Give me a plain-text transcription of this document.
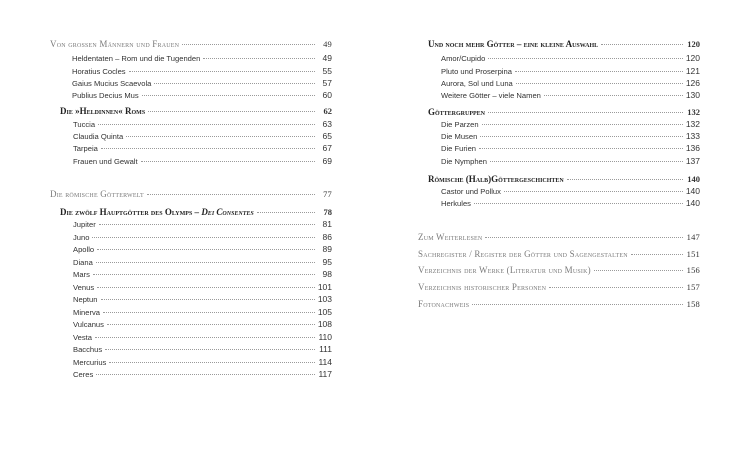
Von grossen Männern und Frauen	49
Heldentaten – Rom und die Tugenden	49
Horatius Cocles	55
Gaius Mucius Scaevola	57
Publius Decius Mus	60
Die »Heldinnen« Roms	62
Tuccia	63
Claudia Quinta	65
Tarpeia	67
Frauen und Gewalt	69
Die römische Götterwelt	77
Die zwölf Hauptgötter des Olymps – Dei Consentes	78
Jupiter	81
Juno	86
Apollo	89
Diana	95
Mars	98
Venus	101
Neptun	103
Minerva	105
Vulcanus	108
Vesta	110
Bacchus	111
Mercurius	114
Ceres	117
Und noch mehr Götter – eine kleine Auswahl	120
Amor/Cupido	120
Pluto und Proserpina	121
Aurora, Sol und Luna	126
Weitere Götter – viele Namen	130
Göttergruppen	132
Die Parzen	132
Die Musen	133
Die Furien	136
Die Nymphen	137
Römische (Halb)Göttergeschichten	140
Castor und Pollux	140
Herkules	140
Zum Weiterlesen	147
Sachregister / Register der Götter und Sagengestalten	151
Verzeichnis der Werke (Literatur und Musik)	156
Verzeichnis historischer Personen	157
Fotonachweis	158
